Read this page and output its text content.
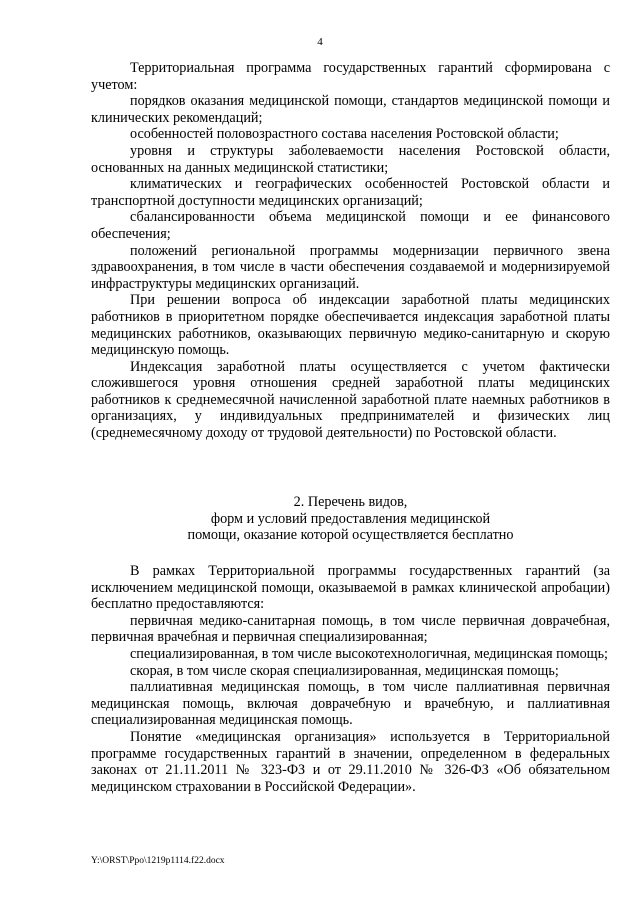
4

Территориальная программа государственных гарантий сформирована с учетом:

порядков оказания медицинской помощи, стандартов медицинской помощи и клинических рекомендаций;

особенностей половозрастного состава населения Ростовской области;

уровня и структуры заболеваемости населения Ростовской области, основанных на данных медицинской статистики;

климатических и географических особенностей Ростовской области и транспортной доступности медицинских организаций;

сбалансированности объема медицинской помощи и ее финансового обеспечения;

положений региональной программы модернизации первичного звена здравоохранения, в том числе в части обеспечения создаваемой и модернизируемой инфраструктуры медицинских организаций.

При решении вопроса об индексации заработной платы медицинских работников в приоритетном порядке обеспечивается индексация заработной платы медицинских работников, оказывающих первичную медико-санитарную и скорую медицинскую помощь.

Индексация заработной платы осуществляется с учетом фактически сложившегося уровня отношения средней заработной платы медицинских работников к среднемесячной начисленной заработной плате наемных работников в организациях, у индивидуальных предпринимателей и физических лиц (среднемесячному доходу от трудовой деятельности) по Ростовской области.

2. Перечень видов,
форм и условий предоставления медицинской
помощи, оказание которой осуществляется бесплатно

В рамках Территориальной программы государственных гарантий (за исключением медицинской помощи, оказываемой в рамках клинической апробации) бесплатно предоставляются:

первичная медико-санитарная помощь, в том числе первичная доврачебная, первичная врачебная и первичная специализированная;

специализированная, в том числе высокотехнологичная, медицинская помощь;

скорая, в том числе скорая специализированная, медицинская помощь;

паллиативная медицинская помощь, в том числе паллиативная первичная медицинская помощь, включая доврачебную и врачебную, и паллиативная специализированная медицинская помощь.

Понятие «медицинская организация» используется в Территориальной программе государственных гарантий в значении, определенном в федеральных законах от 21.11.2011 № 323-ФЗ и от 29.11.2010 № 326-ФЗ «Об обязательном медицинском страховании в Российской Федерации».

Y:\ORST\Ppo\1219p1114.f22.docx
